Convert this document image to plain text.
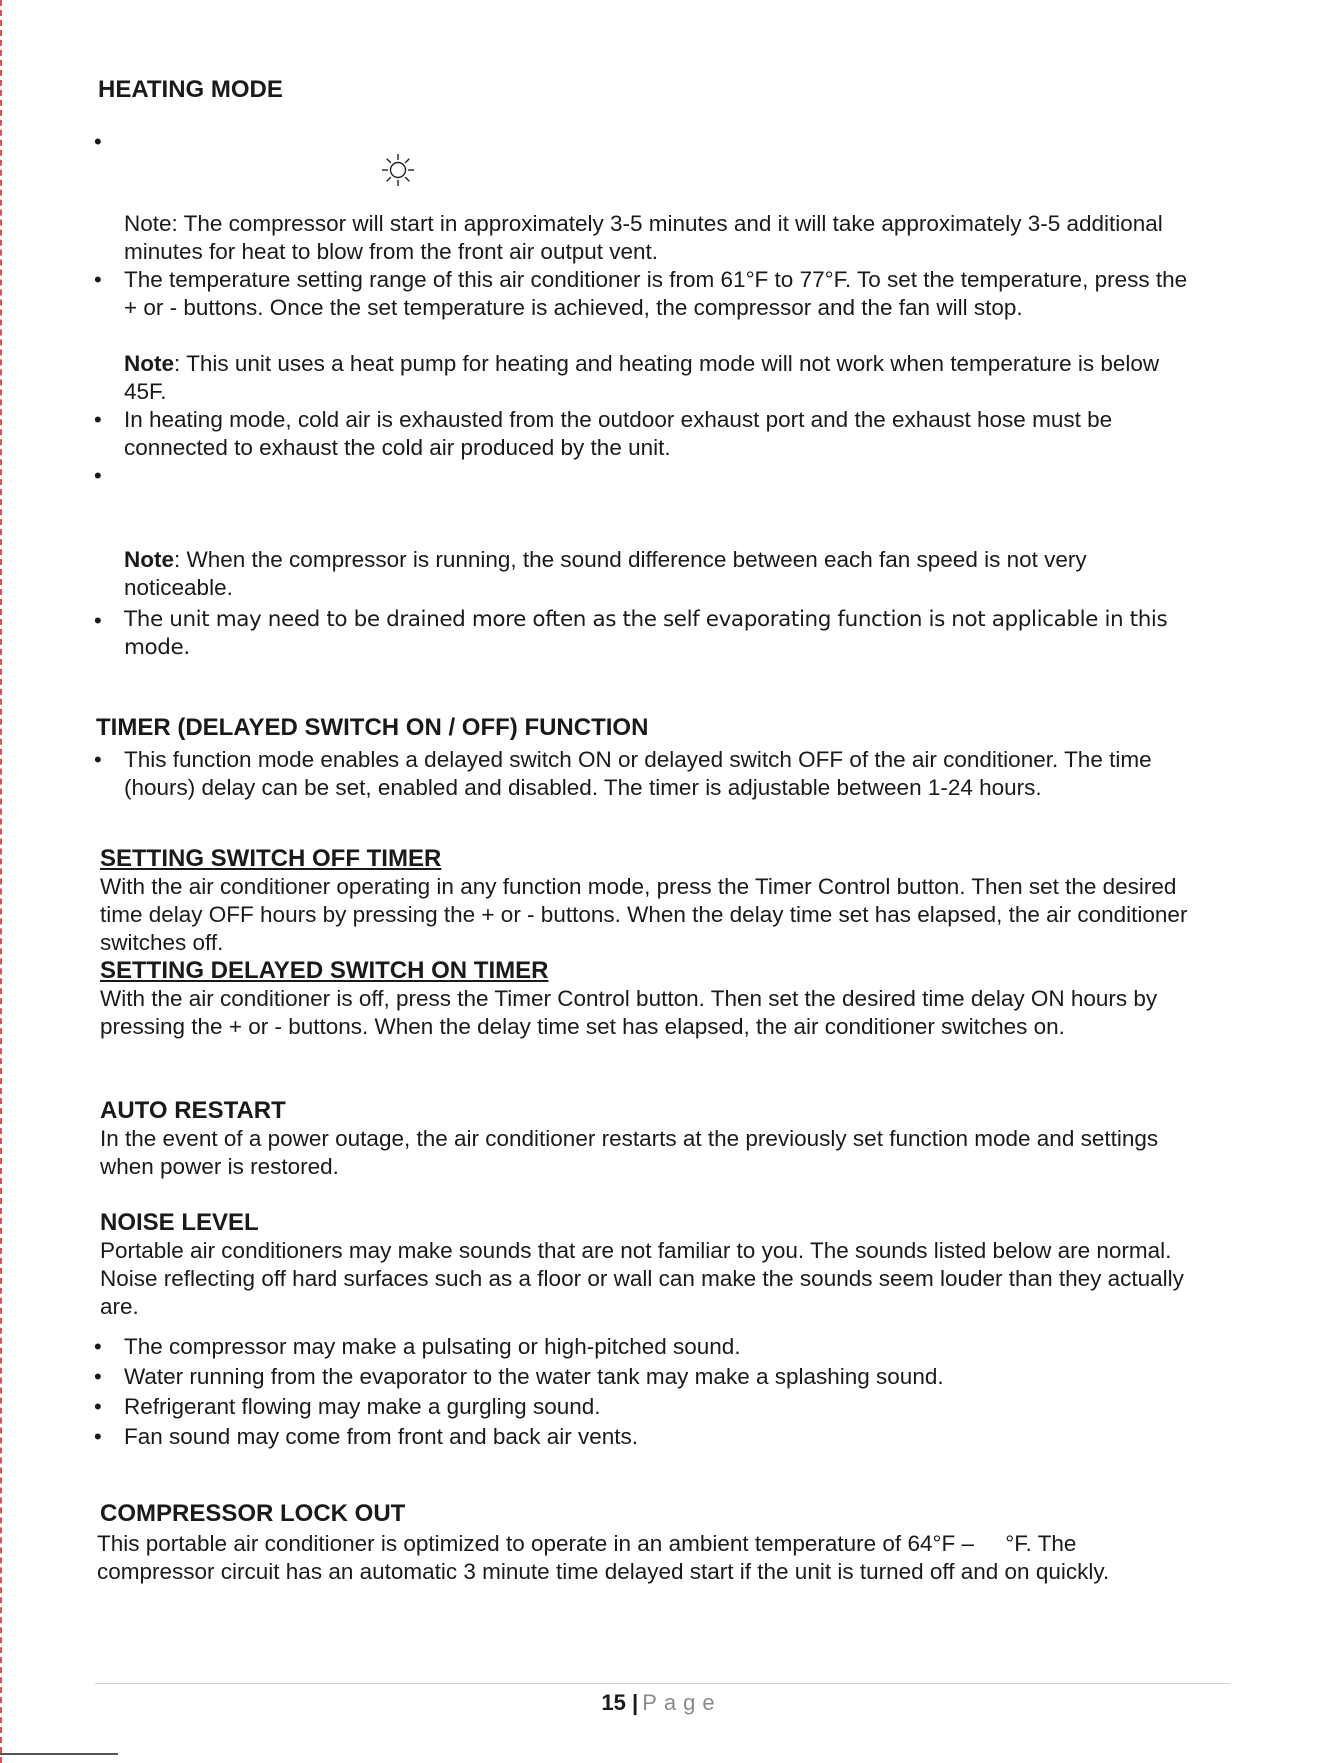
HEATING MODE
•
Note: The compressor will start in approximately 3-5 minutes and it will take approximately 3-5 additional minutes for heat to blow from the front air output vent.
• The temperature setting range of this air conditioner is from 61°F to 77°F. To set the temperature, press the + or - buttons. Once the set temperature is achieved, the compressor and the fan will stop.
Note: This unit uses a heat pump for heating and heating mode will not work when temperature is below 45F.
• In heating mode, cold air is exhausted from the outdoor exhaust port and the exhaust hose must be connected to exhaust the cold air produced by the unit.
•
Note: When the compressor is running, the sound difference between each fan speed is not very noticeable.
• The unit may need to be drained more often as the self evaporating function is not applicable in this mode.
TIMER (DELAYED SWITCH ON / OFF) FUNCTION
• This function mode enables a delayed switch ON or delayed switch OFF of the air conditioner. The time (hours) delay can be set, enabled and disabled. The timer is adjustable between 1-24 hours.
SETTING SWITCH OFF TIMER
With the air conditioner operating in any function mode, press the Timer Control button. Then set the desired time delay OFF hours by pressing the + or - buttons. When the delay time set has elapsed, the air conditioner switches off.
SETTING DELAYED SWITCH ON TIMER
With the air conditioner is off, press the Timer Control button. Then set the desired time delay ON hours by pressing the + or - buttons. When the delay time set has elapsed, the air conditioner switches on.
AUTO RESTART
In the event of a power outage, the air conditioner restarts at the previously set function mode and settings when power is restored.
NOISE LEVEL
Portable air conditioners may make sounds that are not familiar to you. The sounds listed below are normal. Noise reflecting off hard surfaces such as a floor or wall can make the sounds seem louder than they actually are.
• The compressor may make a pulsating or high-pitched sound.
• Water running from the evaporator to the water tank may make a splashing sound.
• Refrigerant flowing may make a gurgling sound.
• Fan sound may come from front and back air vents.
COMPRESSOR LOCK OUT
This portable air conditioner is optimized to operate in an ambient temperature of 64°F –     °F. The
compressor circuit has an automatic 3 minute time delayed start if the unit is turned off and on quickly.
15 | Page
